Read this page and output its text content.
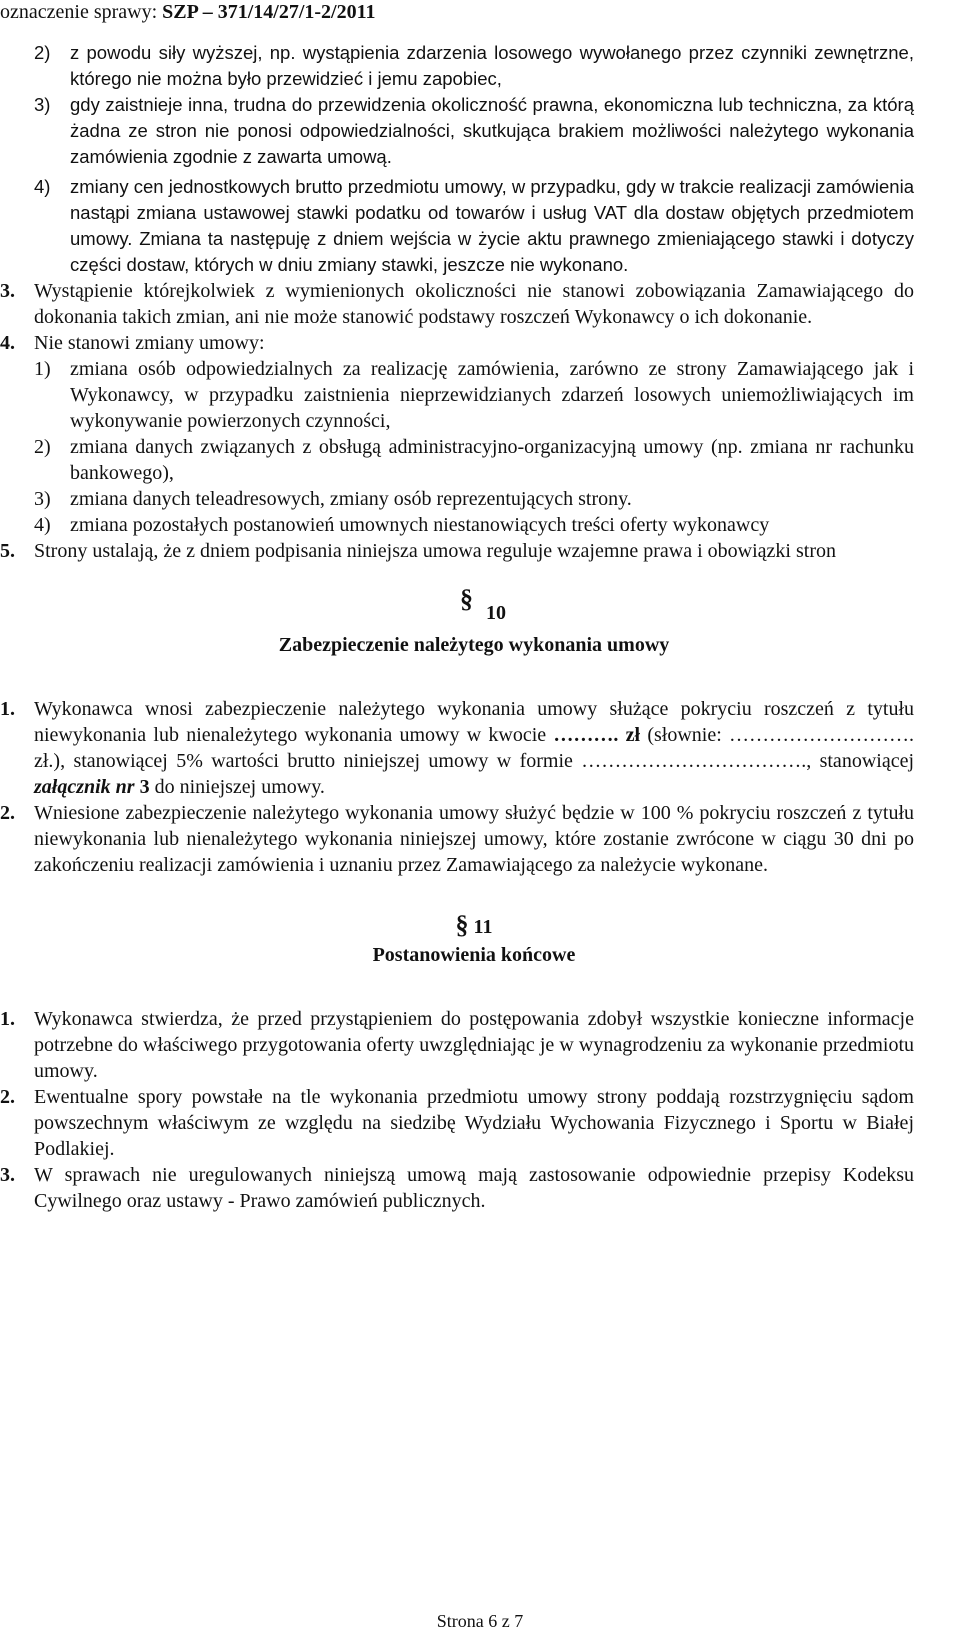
oznaczenie sprawy: SZP – 371/14/27/1-2/2011
2) z powodu siły wyższej, np. wystąpienia zdarzenia losowego wywołanego przez czynniki zewnętrzne, którego nie można było przewidzieć i jemu zapobiec,
3) gdy zaistnieje inna, trudna do przewidzenia okoliczność prawna, ekonomiczna lub techniczna, za którą żadna ze stron nie ponosi odpowiedzialności, skutkująca brakiem możliwości należytego wykonania zamówienia zgodnie z zawarta umową.
4) zmiany cen jednostkowych brutto przedmiotu umowy, w przypadku, gdy w trakcie realizacji zamówienia nastąpi zmiana ustawowej stawki podatku od towarów i usług VAT dla dostaw objętych przedmiotem umowy. Zmiana ta następuję z dniem wejścia w życie aktu prawnego zmieniającego stawki i dotyczy części dostaw, których w dniu zmiany stawki, jeszcze nie wykonano.
3. Wystąpienie którejkolwiek z wymienionych okoliczności nie stanowi zobowiązania Zamawiającego do dokonania takich zmian, ani nie może stanowić podstawy roszczeń Wykonawcy o ich dokonanie.
4. Nie stanowi zmiany umowy:
1) zmiana osób odpowiedzialnych za realizację zamówienia, zarówno ze strony Zamawiającego jak i Wykonawcy, w przypadku zaistnienia nieprzewidzianych zdarzeń losowych uniemożliwiających im wykonywanie powierzonych czynności,
2) zmiana danych związanych z obsługą administracyjno-organizacyjną umowy (np. zmiana nr rachunku bankowego),
3) zmiana danych teleadresowych, zmiany osób reprezentujących strony.
4) zmiana pozostałych postanowień umownych niestanowiących treści oferty wykonawcy
5. Strony ustalają, że z dniem podpisania niniejsza umowa reguluje wzajemne prawa i obowiązki stron
§ 10
Zabezpieczenie należytego wykonania umowy
1. Wykonawca wnosi zabezpieczenie należytego wykonania umowy służące pokryciu roszczeń z tytułu niewykonania lub nienależytego wykonania umowy w kwocie ………. zł (słownie: ………………………. zł.), stanowiącej 5% wartości brutto niniejszej umowy w formie ……………………………., stanowiącej załącznik nr 3 do niniejszej umowy.
2. Wniesione zabezpieczenie należytego wykonania umowy służyć będzie w 100 % pokryciu roszczeń z tytułu niewykonania lub nienależytego wykonania niniejszej umowy, które zostanie zwrócone w ciągu 30 dni po zakończeniu realizacji zamówienia i uznaniu przez Zamawiającego za należycie wykonane.
§ 11
Postanowienia końcowe
1. Wykonawca stwierdza, że przed przystąpieniem do postępowania zdobył wszystkie konieczne informacje potrzebne do właściwego przygotowania oferty uwzględniając je w wynagrodzeniu za wykonanie przedmiotu umowy.
2. Ewentualne spory powstałe na tle wykonania przedmiotu umowy strony poddają rozstrzygnięciu sądom powszechnym właściwym ze względu na siedzibę Wydziału Wychowania Fizycznego i Sportu w Białej Podlakiej.
3. W sprawach nie uregulowanych niniejszą umową mają zastosowanie odpowiednie przepisy Kodeksu Cywilnego oraz ustawy - Prawo zamówień publicznych.
Strona 6 z 7
